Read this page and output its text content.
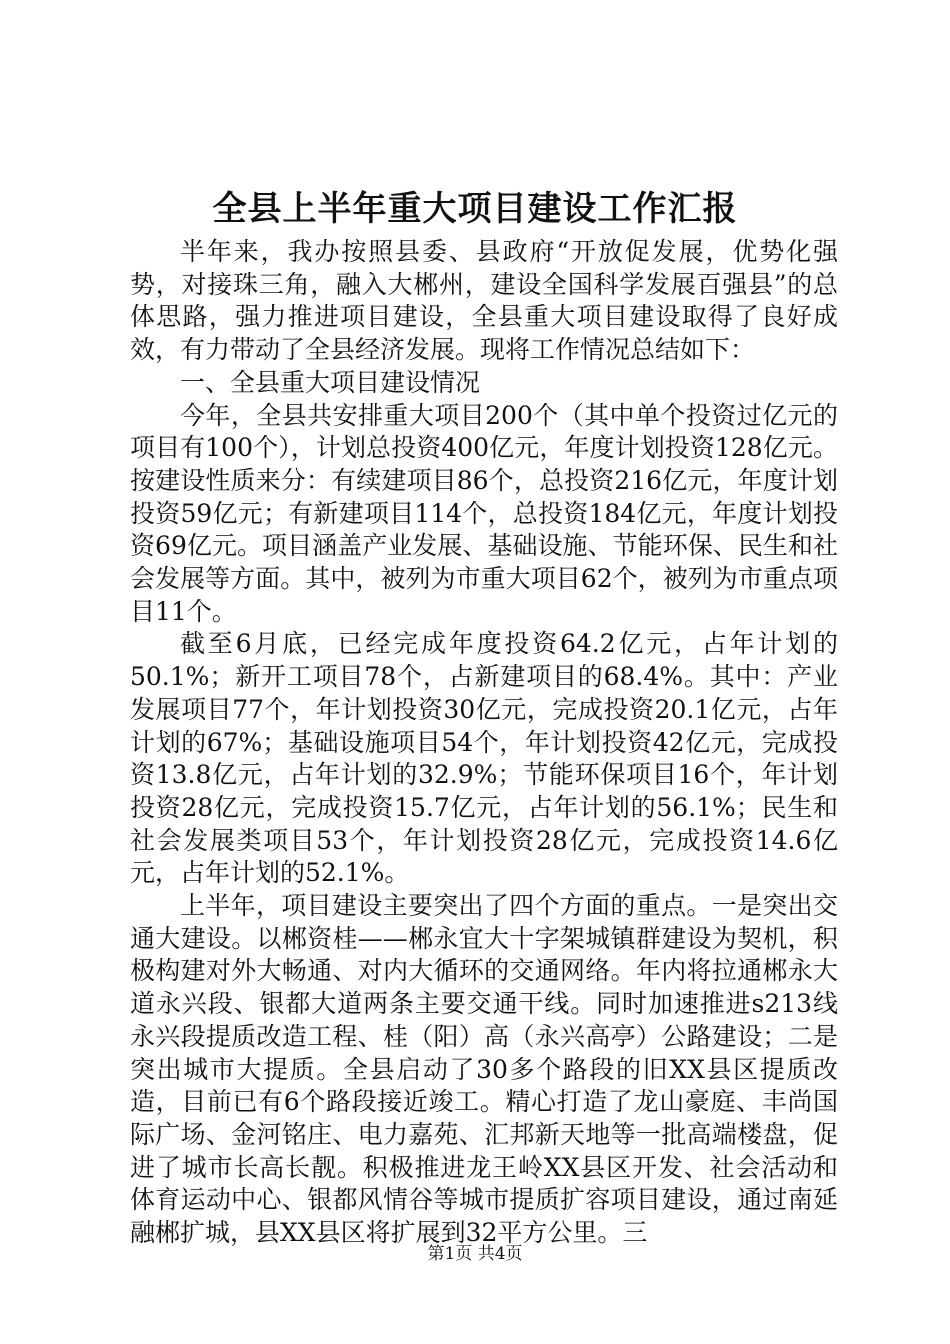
全县上半年重大项目建设工作汇报

半年来，我办按照县委、县政府“开放促发展，优势化强势，对接珠三角，融入大郴州，建设全国科学发展百强县”的总体思路，强力推进项目建设，全县重大项目建设取得了良好成效，有力带动了全县经济发展。现将工作情况总结如下：

一、全县重大项目建设情况

今年，全县共安排重大项目200个（其中单个投资过亿元的项目有100个），计划总投资400亿元，年度计划投资128亿元。按建设性质来分：有续建项目86个，总投资216亿元，年度计划投资59亿元；有新建项目114个，总投资184亿元，年度计划投资69亿元。项目涵盖产业发展、基础设施、节能环保、民生和社会发展等方面。其中，被列为市重大项目62个，被列为市重点项目11个。

截至6月底，已经完成年度投资64.2亿元，占年计划的50.1%；新开工项目78个，占新建项目的68.4%。其中：产业发展项目77个，年计划投资30亿元，完成投资20.1亿元，占年计划的67%；基础设施项目54个，年计划投资42亿元，完成投资13.8亿元，占年计划的32.9%；节能环保项目16个，年计划投资28亿元，完成投资15.7亿元，占年计划的56.1%；民生和社会发展类项目53个，年计划投资28亿元，完成投资14.6亿元，占年计划的52.1%。

上半年，项目建设主要突出了四个方面的重点。一是突出交通大建设。以郴资桂——郴永宜大十字架城镇群建设为契机，积极构建对外大畅通、对内大循环的交通网络。年内将拉通郴永大道永兴段、银都大道两条主要交通干线。同时加速推进s213线永兴段提质改造工程、桂（阳）高（永兴高亭）公路建设；二是突出城市大提质。全县启动了30多个路段的旧XX县区提质改造，目前已有6个路段接近竣工。精心打造了龙山豪庭、丰尚国际广场、金河铭庄、电力嘉苑、汇邦新天地等一批高端楼盘，促进了城市长高长靓。积极推进龙王岭XX县区开发、社会活动和体育运动中心、银都风情谷等城市提质扩容项目建设，通过南延融郴扩城，县XX县区将扩展到32平方公里。三

第1页 共4页
